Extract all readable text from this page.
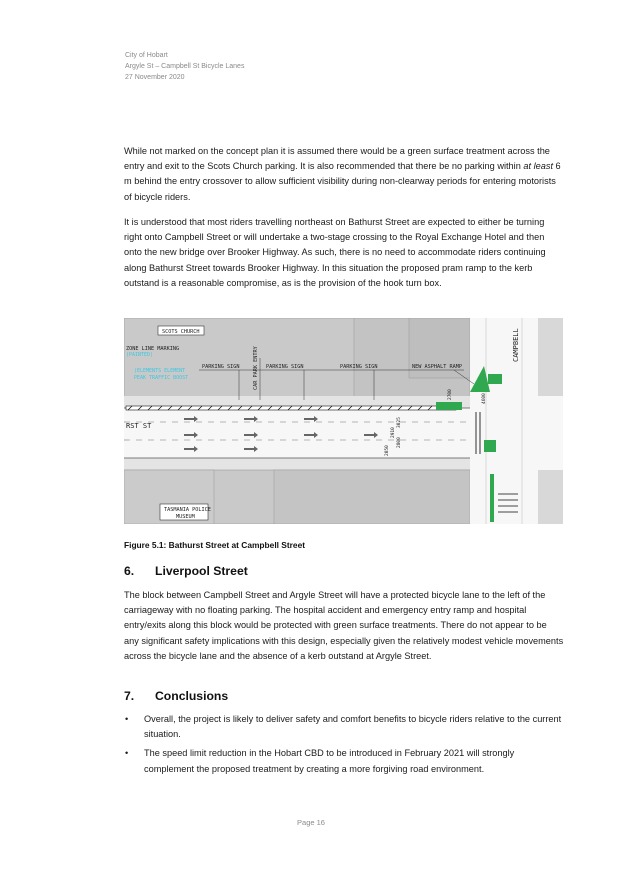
City of Hobart
Argyle St – Campbell St Bicycle Lanes
27 November 2020

While not marked on the concept plan it is assumed there would be a green surface treatment across the entry and exit to the Scots Church parking. It is also recommended that there be no parking within at least 6 m behind the entry crossover to allow sufficient visibility during non-clearway periods for entering motorists of bicycle riders.

It is understood that most riders travelling northeast on Bathurst Street are expected to either be turning right onto Campbell Street or will undertake a two-stage crossing to the Royal Exchange Hotel and then onto the new bridge over Brooker Highway. As such, there is no need to accommodate riders continuing along Bathurst Street towards Brooker Highway. In this situation the proposed pram ramp to the kerb outstand is a reasonable compromise, as is the provision of the hook turn box.

SCOTS CHURCH
ZONE LINE MARKING
(PAINTED)
(ELEMENTS ELEMENT
PEAK TRAFFIC BOOST
PARKING SIGN	PARKING SIGN	PARKING SIGN
CAR PARK ENTRY	NEW ASPHALT RAMP
RST ST
CAMPBELL
2700	4600
2050
2910
2800
3025
TASMANIA POLICE
MUSEUM
Figure 5.1: Bathurst Street at Campbell Street
6. Liverpool Street

The block between Campbell Street and Argyle Street will have a protected bicycle lane to the left of the carriageway with no floating parking. The hospital accident and emergency entry ramp and hospital entry/exits along this block would be protected with green surface treatments. There do not appear to be any significant safety implications with this design, especially given the relatively modest vehicle movements across the bicycle lane and the absence of a kerb outstand at Argyle Street.

7. Conclusions
• Overall, the project is likely to deliver safety and comfort benefits to bicycle riders relative to the current situation.
• The speed limit reduction in the Hobart CBD to be introduced in February 2021 will strongly complement the proposed treatment by creating a more forgiving road environment.
Page 16
